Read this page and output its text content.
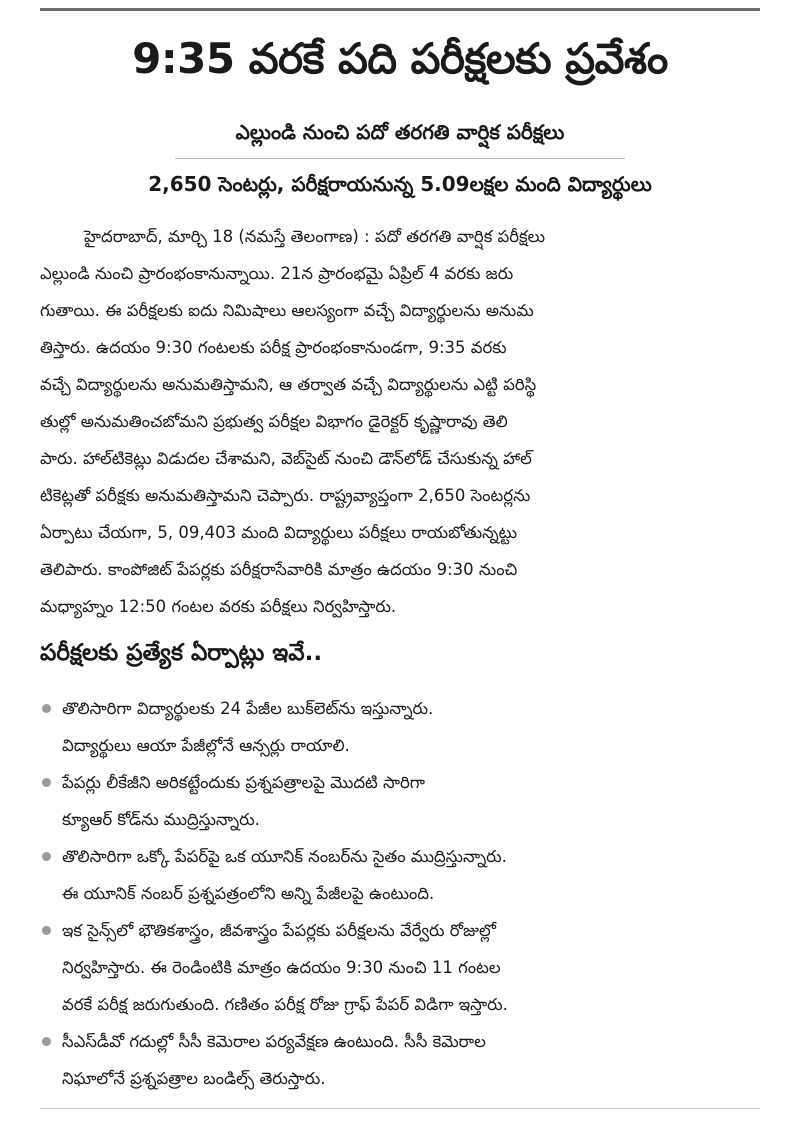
9:35 వరకే పది పరీక్షలకు ప్రవేశం
ఎల్లుండి నుంచి పదో తరగతి వార్షిక పరీక్షలు
2,650 సెంటర్లు, పరీక్షరాయనున్న 5.09లక్షల మంది విద్యార్థులు
హైదరాబాద్, మార్చి 18 (నమస్తే తెలంగాణ) : పదో తరగతి వార్షిక పరీక్షలు
ఎల్లుండి నుంచి ప్రారంభంకానున్నాయి. 21న ప్రారంభమై ఏప్రిల్ 4 వరకు జరు
గుతాయి. ఈ పరీక్షలకు ఐదు నిమిషాలు ఆలస్యంగా వచ్చే విద్యార్థులను అనుమ
తిస్తారు. ఉదయం 9:30 గంటలకు పరీక్ష ప్రారంభంకానుండగా, 9:35 వరకు
వచ్చే విద్యార్థులను అనుమతిస్తామని, ఆ తర్వాత వచ్చే విద్యార్థులను ఎట్టి పరిస్థి
తుల్లో అనుమతించబోమని ప్రభుత్వ పరీక్షల విభాగం డైరెక్టర్ కృష్ణారావు తెలి
పారు. హాల్‌టికెట్లు విడుదల చేశామని, వెబ్‌సైట్ నుంచి డౌన్‌లోడ్ చేసుకున్న హాల్
టికెట్లతో పరీక్షకు అనుమతిస్తామని చెప్పారు. రాష్ట్రవ్యాప్తంగా 2,650 సెంటర్లను
ఏర్పాటు చేయగా, 5, 09,403 మంది విద్యార్థులు పరీక్షలు రాయబోతున్నట్టు
తెలిపారు. కాంపోజిట్ పేపర్లకు పరీక్షరాసేవారికి మాత్రం ఉదయం 9:30 నుంచి
మధ్యాహ్నం 12:50 గంటల వరకు పరీక్షలు నిర్వహిస్తారు.
పరీక్షలకు ప్రత్యేక ఏర్పాట్లు ఇవే..
తొలిసారిగా విద్యార్థులకు 24 పేజీల బుక్‌లెట్‌ను ఇస్తున్నారు.
విద్యార్థులు ఆయా పేజీల్లోనే ఆన్సర్లు రాయాలి.
పేపర్లు లీకేజీని అరికట్టేందుకు ప్రశ్నపత్రాలపై మొదటి సారిగా
క్యూఆర్ కోడ్‌ను ముద్రిస్తున్నారు.
తొలిసారిగా ఒక్కో పేపర్‌పై ఒక యూనిక్ నంబర్‌ను సైతం ముద్రిస్తున్నారు.
ఈ యూనిక్ నంబర్ ప్రశ్నపత్రంలోని అన్ని పేజీలపై ఉంటుంది.
ఇక సైన్స్‌లో భౌతికశాస్త్రం, జీవశాస్త్రం పేపర్లకు పరీక్షలను వేర్వేరు రోజుల్లో
నిర్వహిస్తారు. ఈ రెండింటికి మాత్రం ఉదయం 9:30 నుంచి 11 గంటల
వరకే పరీక్ష జరుగుతుంది. గణితం పరీక్ష రోజు గ్రాఫ్ పేపర్ విడిగా ఇస్తారు.
సీఎస్‌డీవో గదుల్లో సీసీ కెమెరాల పర్యవేక్షణ ఉంటుంది. సీసీ కెమెరాల
నిఘాలోనే ప్రశ్నపత్రాల బండిల్స్ తెరుస్తారు.
